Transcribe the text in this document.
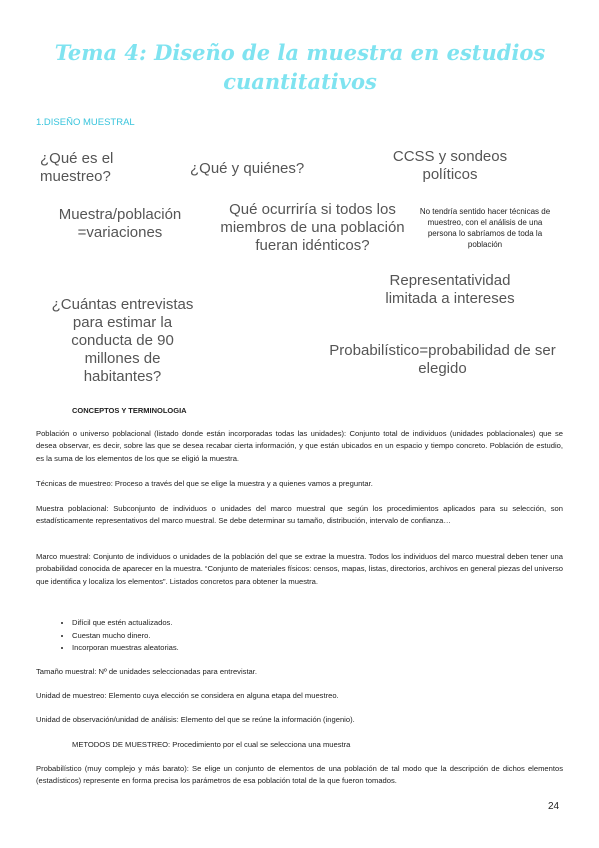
Tema 4: Diseño de la muestra en estudios
cuantitativos
1.DISEÑO MUESTRAL
¿Qué es el muestreo?	¿Qué y quiénes?
CCSS y sondeos políticos
Muestra/población =variaciones
Qué ocurriría si todos los miembros de una población fueran idénticos?
No tendría sentido hacer técnicas de muestreo, con el análisis de una persona lo sabríamos de toda la población
Representatividad limitada a intereses
¿Cuántas entrevistas para estimar la conducta de 90 millones de habitantes?
Probabilístico=probabilidad de ser elegido
CONCEPTOS Y TERMINOLOGIA
Población o universo poblacional (listado donde están incorporadas todas las unidades): Conjunto total de individuos (unidades poblacionales) que se desea observar, es decir, sobre las que se desea recabar cierta información, y que están ubicados en un espacio y tiempo concreto. Población de estudio, es la suma de los elementos de los que se eligió la muestra.
Técnicas de muestreo: Proceso a través del que se elige la muestra y a quienes vamos a preguntar.
Muestra poblacional: Subconjunto de individuos o unidades del marco muestral que según los procedimientos aplicados para su selección, son estadísticamente representativos del marco muestral. Se debe determinar su tamaño, distribución, intervalo de confianza…
Marco muestral: Conjunto de individuos o unidades de la población del que se extrae la muestra. Todos los individuos del marco muestral deben tener una probabilidad conocida de aparecer en la muestra. “Conjunto de materiales físicos: censos, mapas, listas, directorios, archivos en general piezas del universo que identifica y localiza los elementos”. Listados concretos para obtener la muestra.
• Difícil que estén actualizados.
• Cuestan mucho dinero.
• Incorporan muestras aleatorias.
Tamaño muestral: Nº de unidades seleccionadas para entrevistar.
Unidad de muestreo: Elemento cuya elección se considera en alguna etapa del muestreo.
Unidad de observación/unidad de análisis: Elemento del que se reúne la información (ingenio).
METODOS DE MUESTREO: Procedimiento por el cual se selecciona una muestra
Probabilístico (muy complejo y más barato): Se elige un conjunto de elementos de una población de tal modo que la descripción de dichos elementos (estadísticos) represente en forma precisa los parámetros de esa población total de la que fueron tomados.
24
